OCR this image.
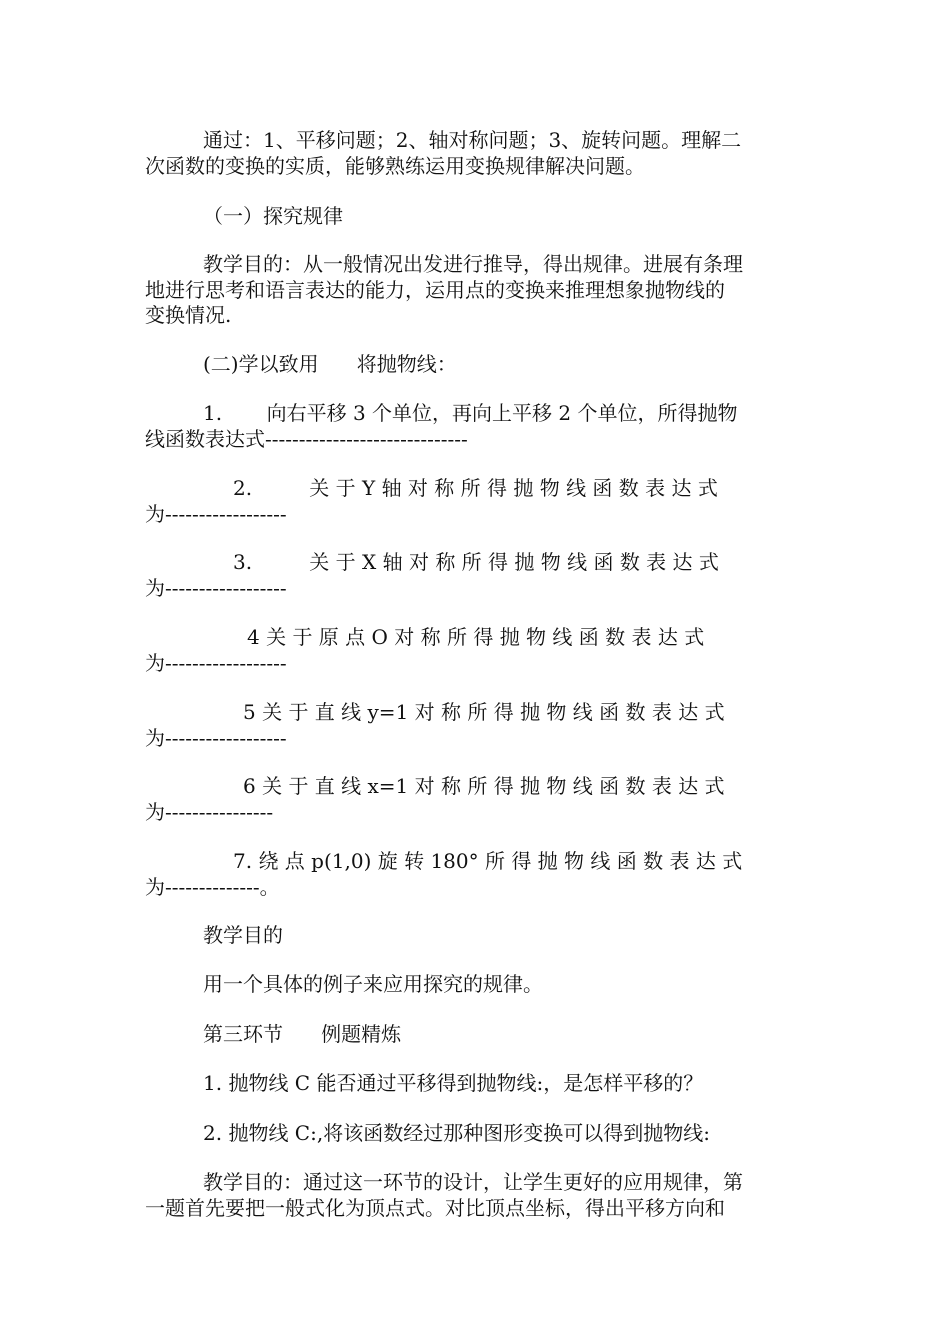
通过：1、平移问题；2、轴对称问题；3、旋转问题。理解二
次函数的变换的实质，能够熟练运用变换规律解决问题。
（一）探究规律
教学目的：从一般情况出发进行推导，得出规律。进展有条理
地进行思考和语言表达的能力，运用点的变换来推理想象抛物线的
变换情况.
(二)学以致用      将抛物线：
1.       向右平移 3 个单位，再向上平移 2 个单位，所得抛物
线函数表达式------------------------------
2.         关 于 Y 轴 对 称 所 得 抛 物 线 函 数 表 达 式
为------------------
3.         关 于 X 轴 对 称 所 得 抛 物 线 函 数 表 达 式
为------------------
4 关 于 原 点 O 对 称 所 得 抛 物 线 函 数 表 达 式
为------------------
5 关 于 直 线 y=1 对 称 所 得 抛 物 线 函 数 表 达 式
为------------------
6 关 于 直 线 x=1 对 称 所 得 抛 物 线 函 数 表 达 式
为----------------
7. 绕 点 p(1,0) 旋 转 180° 所 得 抛 物 线 函 数 表 达 式
为--------------。
教学目的
用一个具体的例子来应用探究的规律。
第三环节      例题精炼
1. 抛物线 C 能否通过平移得到抛物线:，是怎样平移的？
2. 抛物线 C:,将该函数经过那种图形变换可以得到抛物线:
教学目的：通过这一环节的设计，让学生更好的应用规律，第
一题首先要把一般式化为顶点式。对比顶点坐标，得出平移方向和
